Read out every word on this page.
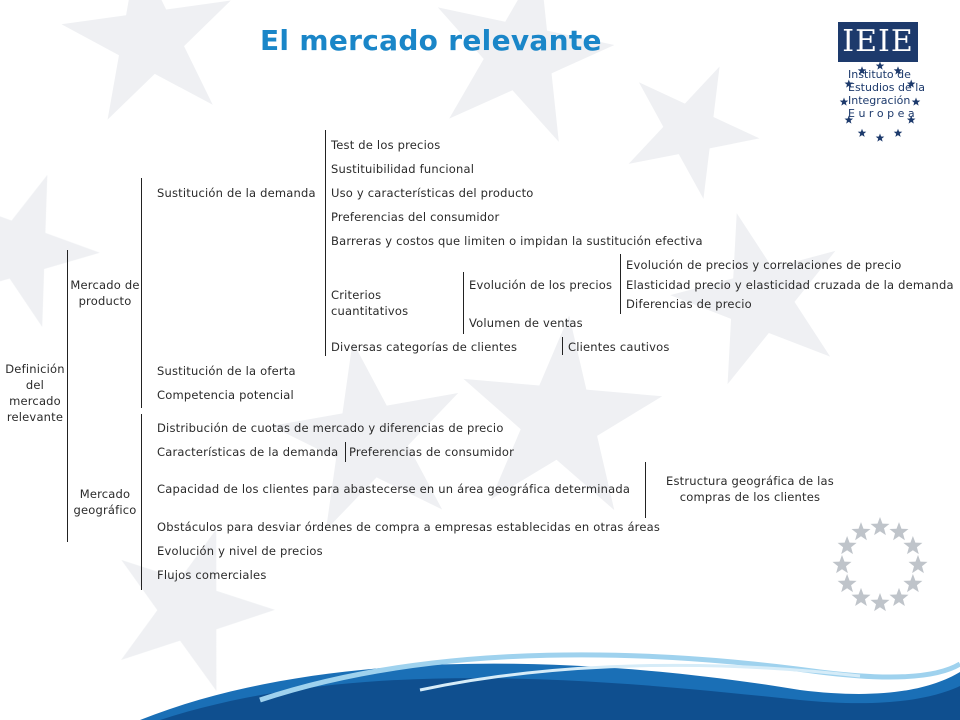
El mercado relevante	IEIE
Instituto de
Estudios de la
Integración
E u r o p e a
Definición del mercado relevante
Mercado de producto
Mercado geográfico
Sustitución de la demanda
Sustitución de la oferta
Competencia potencial
Test de los precios
Sustituibilidad funcional
Uso y características del producto
Preferencias del consumidor
Barreras y costos que limiten o impidan la sustitución efectiva
Criterios cuantitativos
Diversas categorías de clientes
Evolución de los precios
Volumen de ventas
Evolución de precios y correlaciones de precio
Elasticidad precio y elasticidad cruzada de la demanda
Diferencias de precio
Clientes cautivos
Distribución de cuotas de mercado y diferencias de precio
Características de la demanda Preferencias de consumidor
Capacidad de los clientes para abastecerse en un área geográfica determinada
Estructura geográfica de las compras de los clientes
Obstáculos para desviar órdenes de compra a empresas establecidas en otras áreas
Evolución y nivel de precios
Flujos comerciales
